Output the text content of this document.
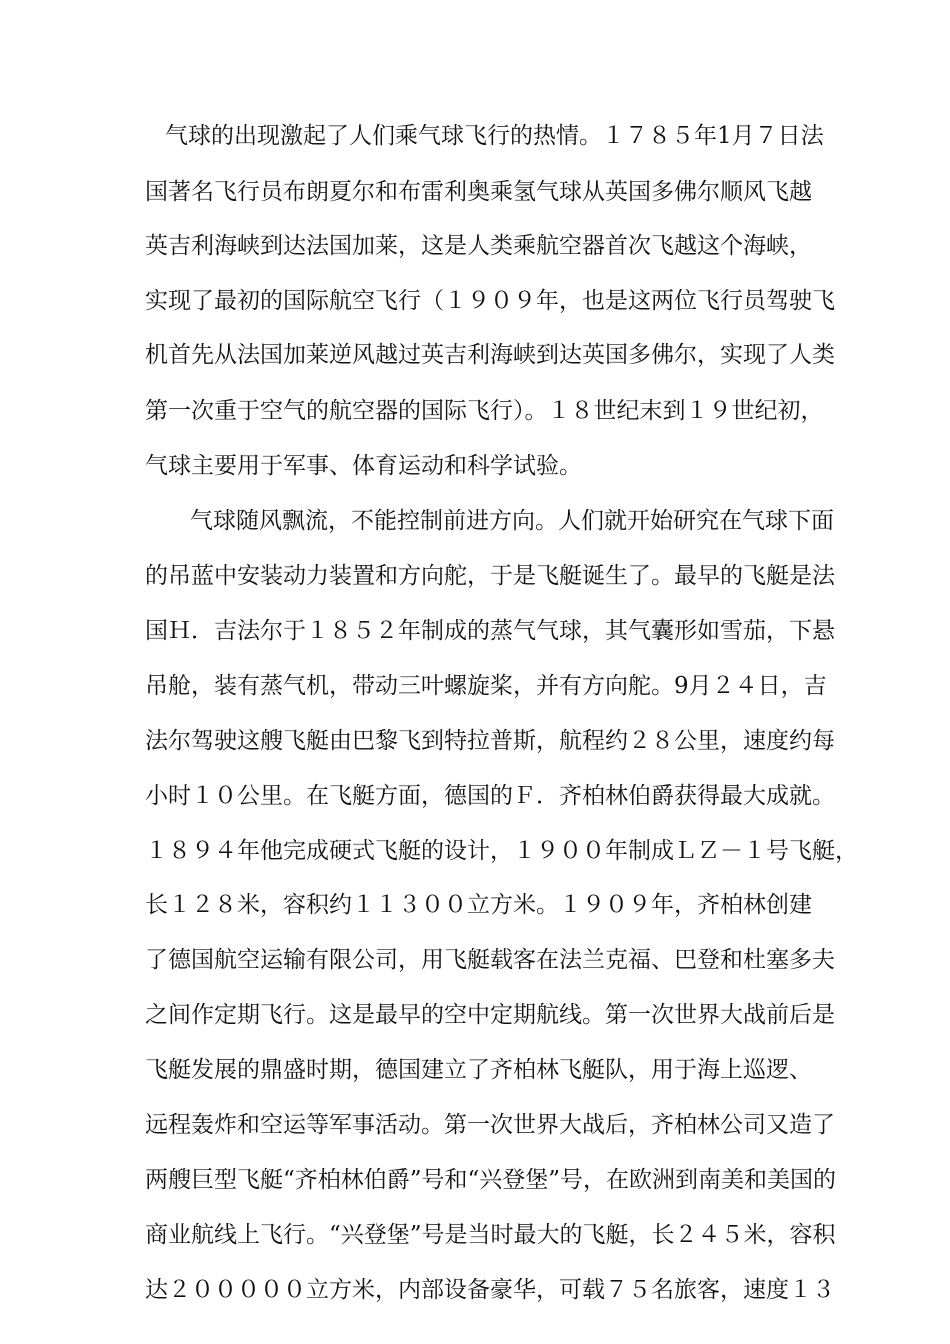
气球的出现激起了人们乘气球飞行的热情。１７８５年1月７日法
国著名飞行员布朗夏尔和布雷利奥乘氢气球从英国多佛尔顺风飞越
英吉利海峡到达法国加莱，这是人类乘航空器首次飞越这个海峡，
实现了最初的国际航空飞行（１９０９年，也是这两位飞行员驾驶飞
机首先从法国加莱逆风越过英吉利海峡到达英国多佛尔，实现了人类
第一次重于空气的航空器的国际飞行）。１８世纪末到１９世纪初，
气球主要用于军事、体育运动和科学试验。
气球随风飘流，不能控制前进方向。人们就开始研究在气球下面
的吊蓝中安装动力装置和方向舵，于是飞艇诞生了。最早的飞艇是法
国Ｈ．吉法尔于１８５２年制成的蒸气气球，其气囊形如雪茄，下悬
吊舱，装有蒸气机，带动三叶螺旋桨，并有方向舵。9月２４日，吉
法尔驾驶这艘飞艇由巴黎飞到特拉普斯，航程约２８公里，速度约每
小时１０公里。在飞艇方面，德国的Ｆ．齐柏林伯爵获得最大成就。
１８９４年他完成硬式飞艇的设计，１９００年制成ＬＺ－１号飞艇，
长１２８米，容积约１１３００立方米。１９０９年，齐柏林创建
了德国航空运输有限公司，用飞艇载客在法兰克福、巴登和杜塞多夫
之间作定期飞行。这是最早的空中定期航线。第一次世界大战前后是
飞艇发展的鼎盛时期，德国建立了齐柏林飞艇队，用于海上巡逻、
远程轰炸和空运等军事活动。第一次世界大战后，齐柏林公司又造了
两艘巨型飞艇“齐柏林伯爵”号和“兴登堡”号，在欧洲到南美和美国的
商业航线上飞行。“兴登堡”号是当时最大的飞艇，长２４５米，容积
达２０００００立方米，内部设备豪华，可载７５名旅客，速度１３
